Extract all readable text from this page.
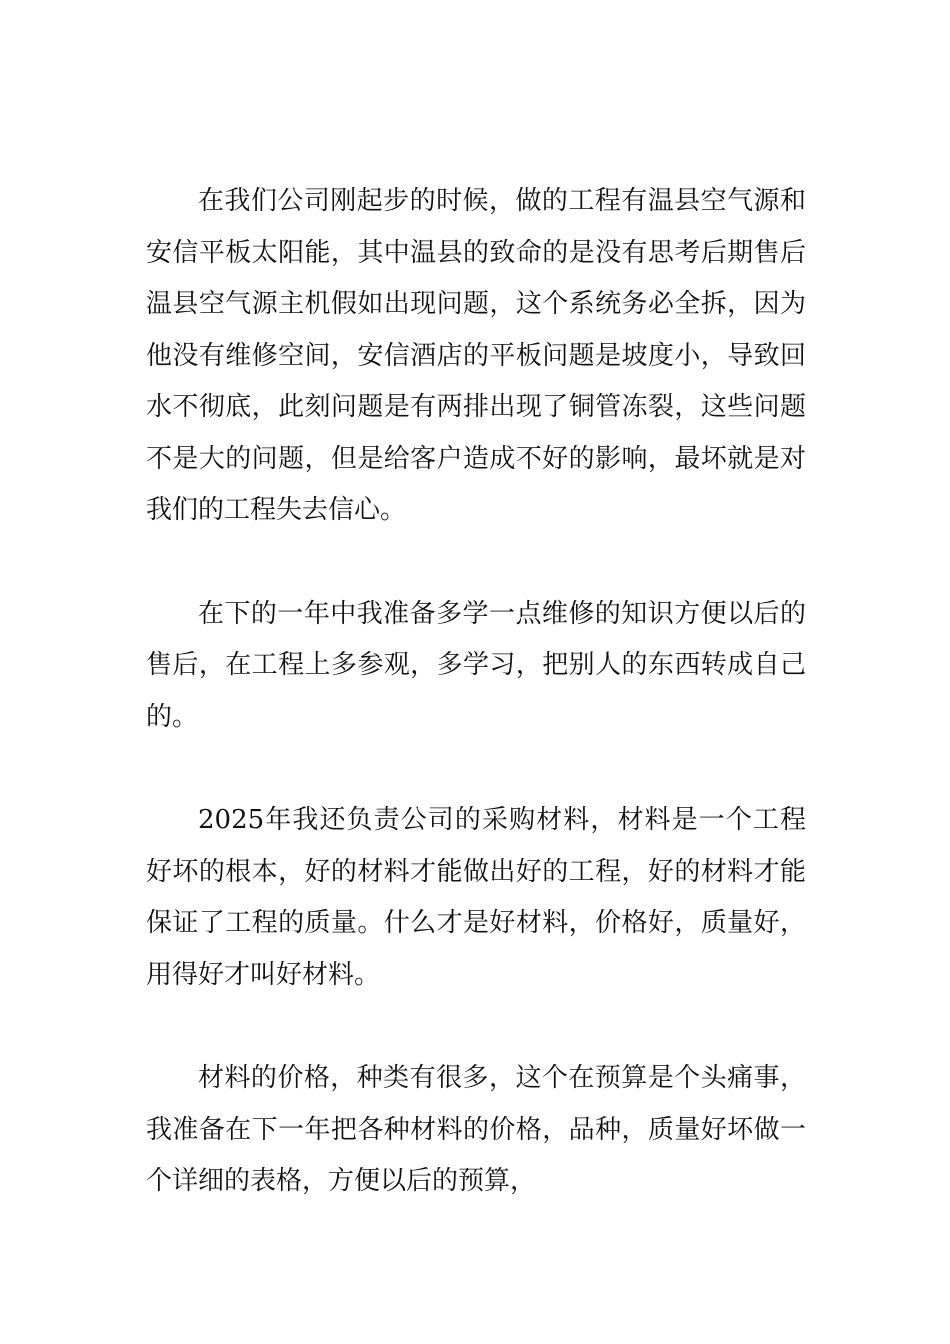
在我们公司刚起步的时候，做的工程有温县空气源和安信平板太阳能，其中温县的致命的是没有思考后期售后温县空气源主机假如出现问题，这个系统务必全拆，因为他没有维修空间，安信酒店的平板问题是坡度小，导致回水不彻底，此刻问题是有两排出现了铜管冻裂，这些问题不是大的问题，但是给客户造成不好的影响，最坏就是对我们的工程失去信心。

在下的一年中我准备多学一点维修的知识方便以后的售后，在工程上多参观，多学习，把别人的东西转成自己的。

2025年我还负责公司的采购材料，材料是一个工程好坏的根本，好的材料才能做出好的工程，好的材料才能保证了工程的质量。什么才是好材料，价格好，质量好，用得好才叫好材料。

材料的价格，种类有很多，这个在预算是个头痛事，我准备在下一年把各种材料的价格，品种，质量好坏做一个详细的表格，方便以后的预算，
